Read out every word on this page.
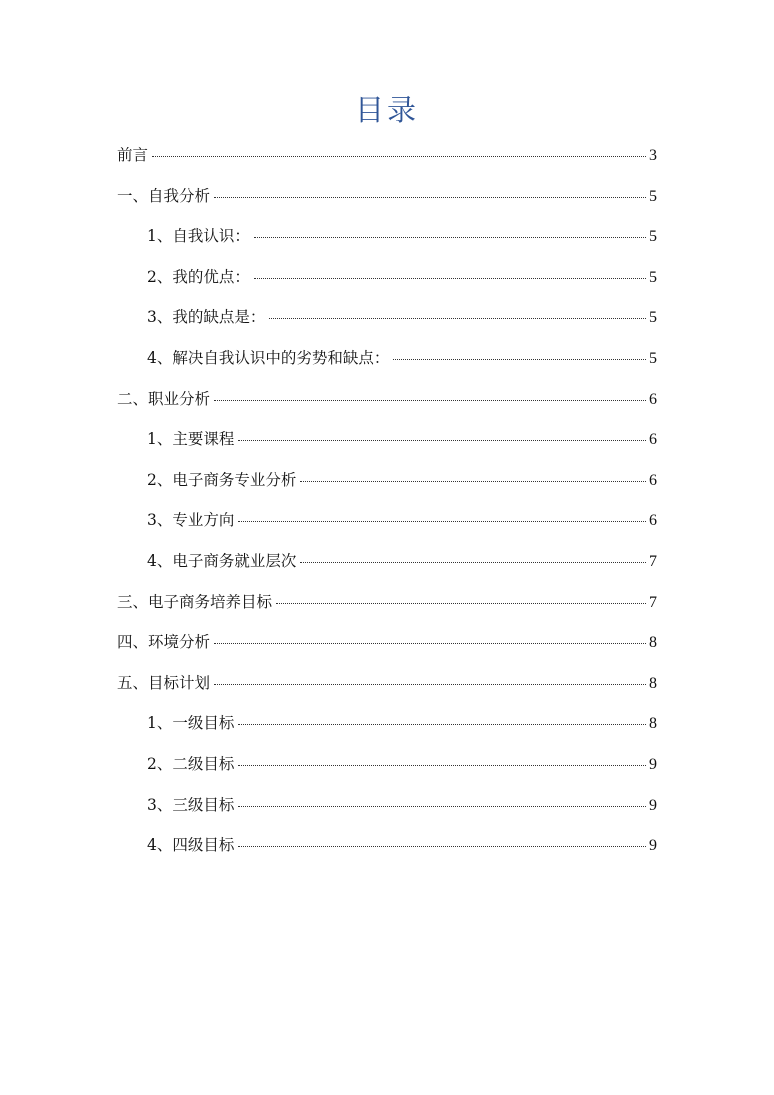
目录
前言	3
一、自我分析	5
1、自我认识：	5
2、我的优点：	5
3、我的缺点是：	5
4、解决自我认识中的劣势和缺点：	5
二、职业分析	6
1、主要课程	6
2、电子商务专业分析	6
3、专业方向	6
4、电子商务就业层次	7
三、电子商务培养目标	7
四、环境分析	8
五、目标计划	8
1、一级目标	8
2、二级目标	9
3、三级目标	9
4、四级目标	9
